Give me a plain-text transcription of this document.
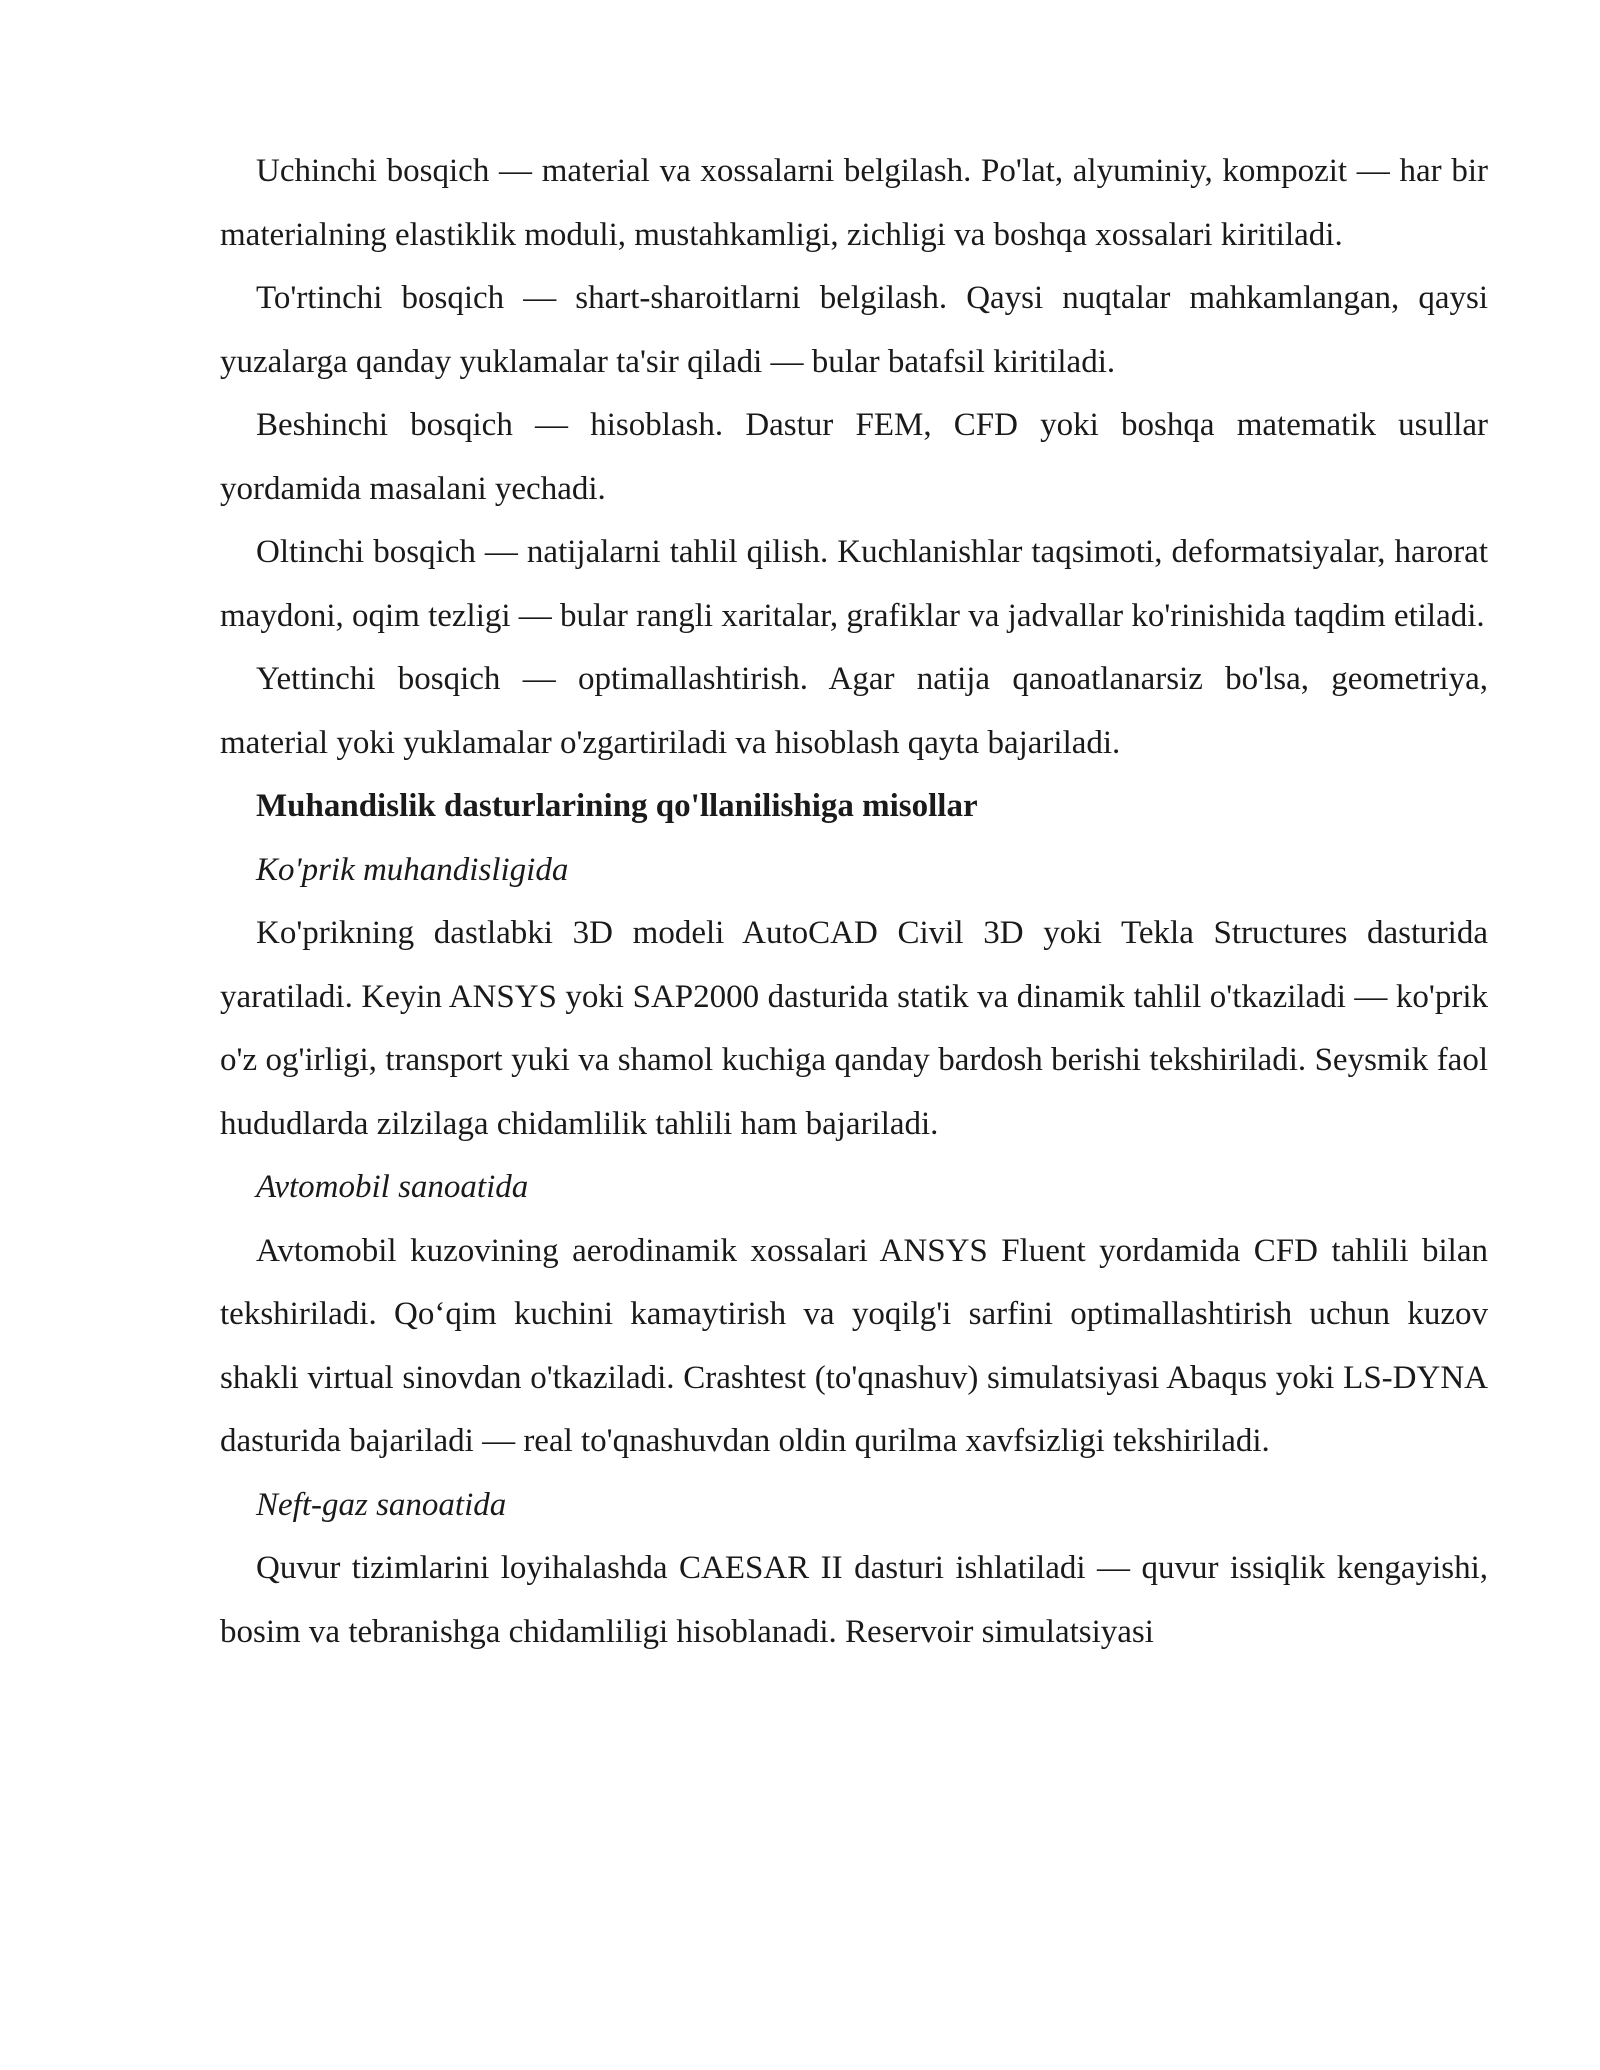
Uchinchi bosqich — material va xossalarni belgilash. Po'lat, alyuminiy, kompozit — har bir materialning elastiklik moduli, mustahkamligi, zichligi va boshqa xossalari kiritiladi.

To'rtinchi bosqich — shart-sharoitlarni belgilash. Qaysi nuqtalar mahkamlangan, qaysi yuzalarga qanday yuklamalar ta'sir qiladi — bular batafsil kiritiladi.

Beshinchi bosqich — hisoblash. Dastur FEM, CFD yoki boshqa matematik usullar yordamida masalani yechadi.

Oltinchi bosqich — natijalarni tahlil qilish. Kuchlanishlar taqsimoti, deformatsiyalar, harorat maydoni, oqim tezligi — bular rangli xaritalar, grafiklar va jadvallar ko'rinishida taqdim etiladi.

Yettinchi bosqich — optimallashtirish. Agar natija qanoatlanarsiz bo'lsa, geometriya, material yoki yuklamalar o'zgartiriladi va hisoblash qayta bajariladi.

Muhandislik dasturlarining qo'llanilishiga misollar

Ko'prik muhandisligida

Ko'prikning dastlabki 3D modeli AutoCAD Civil 3D yoki Tekla Structures dasturida yaratiladi. Keyin ANSYS yoki SAP2000 dasturida statik va dinamik tahlil o'tkaziladi — ko'prik o'z og'irligi, transport yuki va shamol kuchiga qanday bardosh berishi tekshiriladi. Seysmik faol hududlarda zilzilaga chidamlilik tahlili ham bajariladi.

Avtomobil sanoatida

Avtomobil kuzovining aerodinamik xossalari ANSYS Fluent yordamida CFD tahlili bilan tekshiriladi. Qo‘qim kuchini kamaytirish va yoqilg'i sarfini optimallashtirish uchun kuzov shakli virtual sinovdan o'tkaziladi. Crashtest (to'qnashuv) simulatsiyasi Abaqus yoki LS-DYNA dasturida bajariladi — real to'qnashuvdan oldin qurilma xavfsizligi tekshiriladi.

Neft-gaz sanoatida

Quvur tizimlarini loyihalashda CAESAR II dasturi ishlatiladi — quvur issiqlik kengayishi, bosim va tebranishga chidamliligi hisoblanadi. Reservoir simulatsiyasi
